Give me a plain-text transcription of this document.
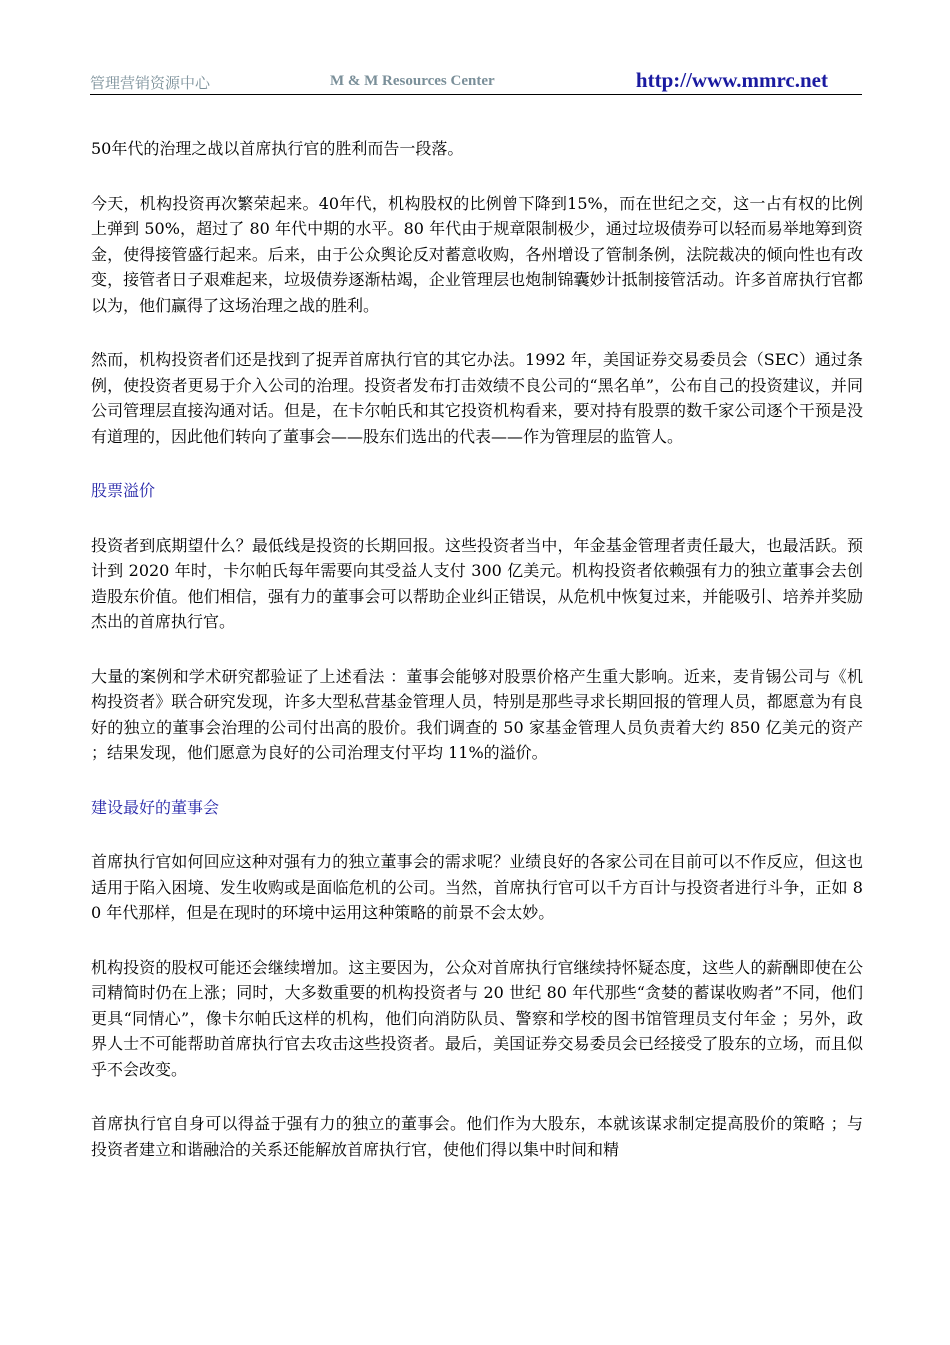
管理营销资源中心	M & M Resources Center	http://www.mmrc.net

50年代的治理之战以首席执行官的胜利而告一段落。

今天，机构投资再次繁荣起来。40年代，机构股权的比例曾下降到15%，而在世纪之交，这一占有权的比例上弹到 50%，超过了 80 年代中期的水平。80 年代由于规章限制极少，通过垃圾债券可以轻而易举地筹到资金，使得接管盛行起来。后来，由于公众舆论反对蓄意收购，各州增设了管制条例，法院裁决的倾向性也有改变，接管者日子艰难起来，垃圾债券逐渐枯竭，企业管理层也炮制锦囊妙计抵制接管活动。许多首席执行官都以为，他们赢得了这场治理之战的胜利。

然而，机构投资者们还是找到了捉弄首席执行官的其它办法。1992 年，美国证券交易委员会（SEC）通过条例，使投资者更易于介入公司的治理。投资者发布打击效绩不良公司的“黑名单”，公布自己的投资建议，并同公司管理层直接沟通对话。但是，在卡尔帕氏和其它投资机构看来，要对持有股票的数千家公司逐个干预是没有道理的，因此他们转向了董事会——股东们选出的代表——作为管理层的监管人。

股票溢价

投资者到底期望什么？最低线是投资的长期回报。这些投资者当中，年金基金管理者责任最大，也最活跃。预计到 2020 年时，卡尔帕氏每年需要向其受益人支付 300 亿美元。机构投资者依赖强有力的独立董事会去创造股东价值。他们相信，强有力的董事会可以帮助企业纠正错误，从危机中恢复过来，并能吸引、培养并奖励杰出的首席执行官。

大量的案例和学术研究都验证了上述看法 ：董事会能够对股票价格产生重大影响。近来，麦肯锡公司与《机构投资者》联合研究发现，许多大型私营基金管理人员，特别是那些寻求长期回报的管理人员，都愿意为有良好的独立的董事会治理的公司付出高的股价。我们调查的 50 家基金管理人员负责着大约 850 亿美元的资产 ；结果发现，他们愿意为良好的公司治理支付平均 11%的溢价。

建设最好的董事会

首席执行官如何回应这种对强有力的独立董事会的需求呢？业绩良好的各家公司在目前可以不作反应，但这也适用于陷入困境、发生收购或是面临危机的公司。当然，首席执行官可以千方百计与投资者进行斗争，正如 80 年代那样，但是在现时的环境中运用这种策略的前景不会太妙。

机构投资的股权可能还会继续增加。这主要因为，公众对首席执行官继续持怀疑态度，这些人的薪酬即使在公司精简时仍在上涨；同时，大多数重要的机构投资者与 20 世纪 80 年代那些“贪婪的蓄谋收购者”不同，他们更具“同情心”，像卡尔帕氏这样的机构，他们向消防队员、警察和学校的图书馆管理员支付年金 ；另外，政界人士不可能帮助首席执行官去攻击这些投资者。最后，美国证券交易委员会已经接受了股东的立场，而且似乎不会改变。

首席执行官自身可以得益于强有力的独立的董事会。他们作为大股东，本就该谋求制定提高股价的策略 ；与投资者建立和谐融洽的关系还能解放首席执行官，使他们得以集中时间和精
